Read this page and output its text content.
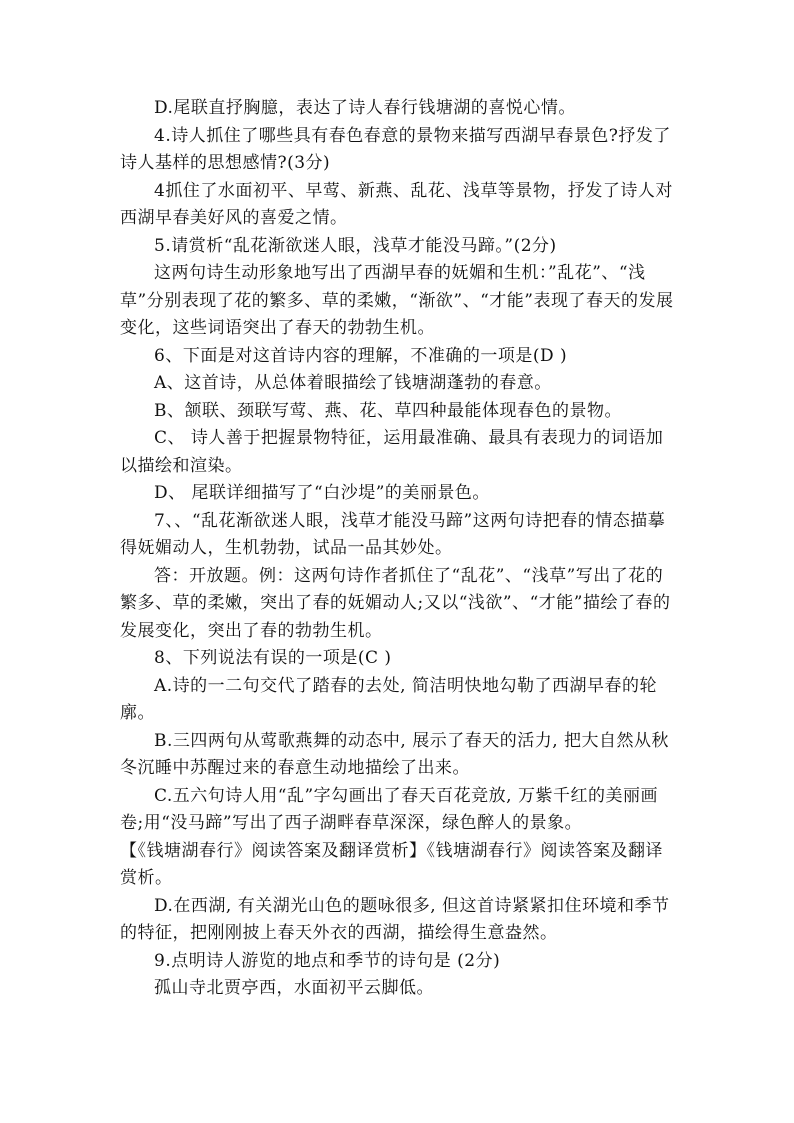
D.尾联直抒胸臆，表达了诗人春行钱塘湖的喜悦心情。

4.诗人抓住了哪些具有春色春意的景物来描写西湖早春景色?抒发了诗人基样的思想感情?(3分)

4抓住了水面初平、早莺、新燕、乱花、浅草等景物，抒发了诗人对西湖早春美好风的喜爱之情。

5.请赏析“乱花渐欲迷人眼，浅草才能没马蹄。”(2分)

这两句诗生动形象地写出了西湖早春的妩媚和生机：”乱花”、“浅草”分别表现了花的繁多、草的柔嫩，“渐欲”、“才能”表现了春天的发展变化，这些词语突出了春天的勃勃生机。

6、下面是对这首诗内容的理解，不准确的一项是(D )

A、这首诗，从总体着眼描绘了钱塘湖蓬勃的春意。

B、颔联、颈联写莺、燕、花、草四种最能体现春色的景物。

C、 诗人善于把握景物特征，运用最准确、最具有表现力的词语加以描绘和渲染。

D、 尾联详细描写了“白沙堤”的美丽景色。

7、、“乱花渐欲迷人眼，浅草才能没马蹄”这两句诗把春的情态描摹得妩媚动人，生机勃勃，试品一品其妙处。

答：开放题。例：这两句诗作者抓住了“乱花”、“浅草”写出了花的繁多、草的柔嫩，突出了春的妩媚动人;又以“浅欲”、“才能”描绘了春的发展变化，突出了春的勃勃生机。

8、下列说法有误的一项是(C )

A.诗的一二句交代了踏春的去处, 简洁明快地勾勒了西湖早春的轮廓。

B.三四两句从莺歌燕舞的动态中, 展示了春天的活力, 把大自然从秋冬沉睡中苏醒过来的春意生动地描绘了出来。

C.五六句诗人用“乱”字勾画出了春天百花竞放, 万紫千红的美丽画卷;用“没马蹄”写出了西子湖畔春草深深，绿色醉人的景象。

【《钱塘湖春行》阅读答案及翻译赏析】《钱塘湖春行》阅读答案及翻译赏析。

D.在西湖, 有关湖光山色的题咏很多, 但这首诗紧紧扣住环境和季节的特征，把刚刚披上春天外衣的西湖，描绘得生意盎然。

9.点明诗人游览的地点和季节的诗句是 (2分)

孤山寺北贾亭西，水面初平云脚低。
